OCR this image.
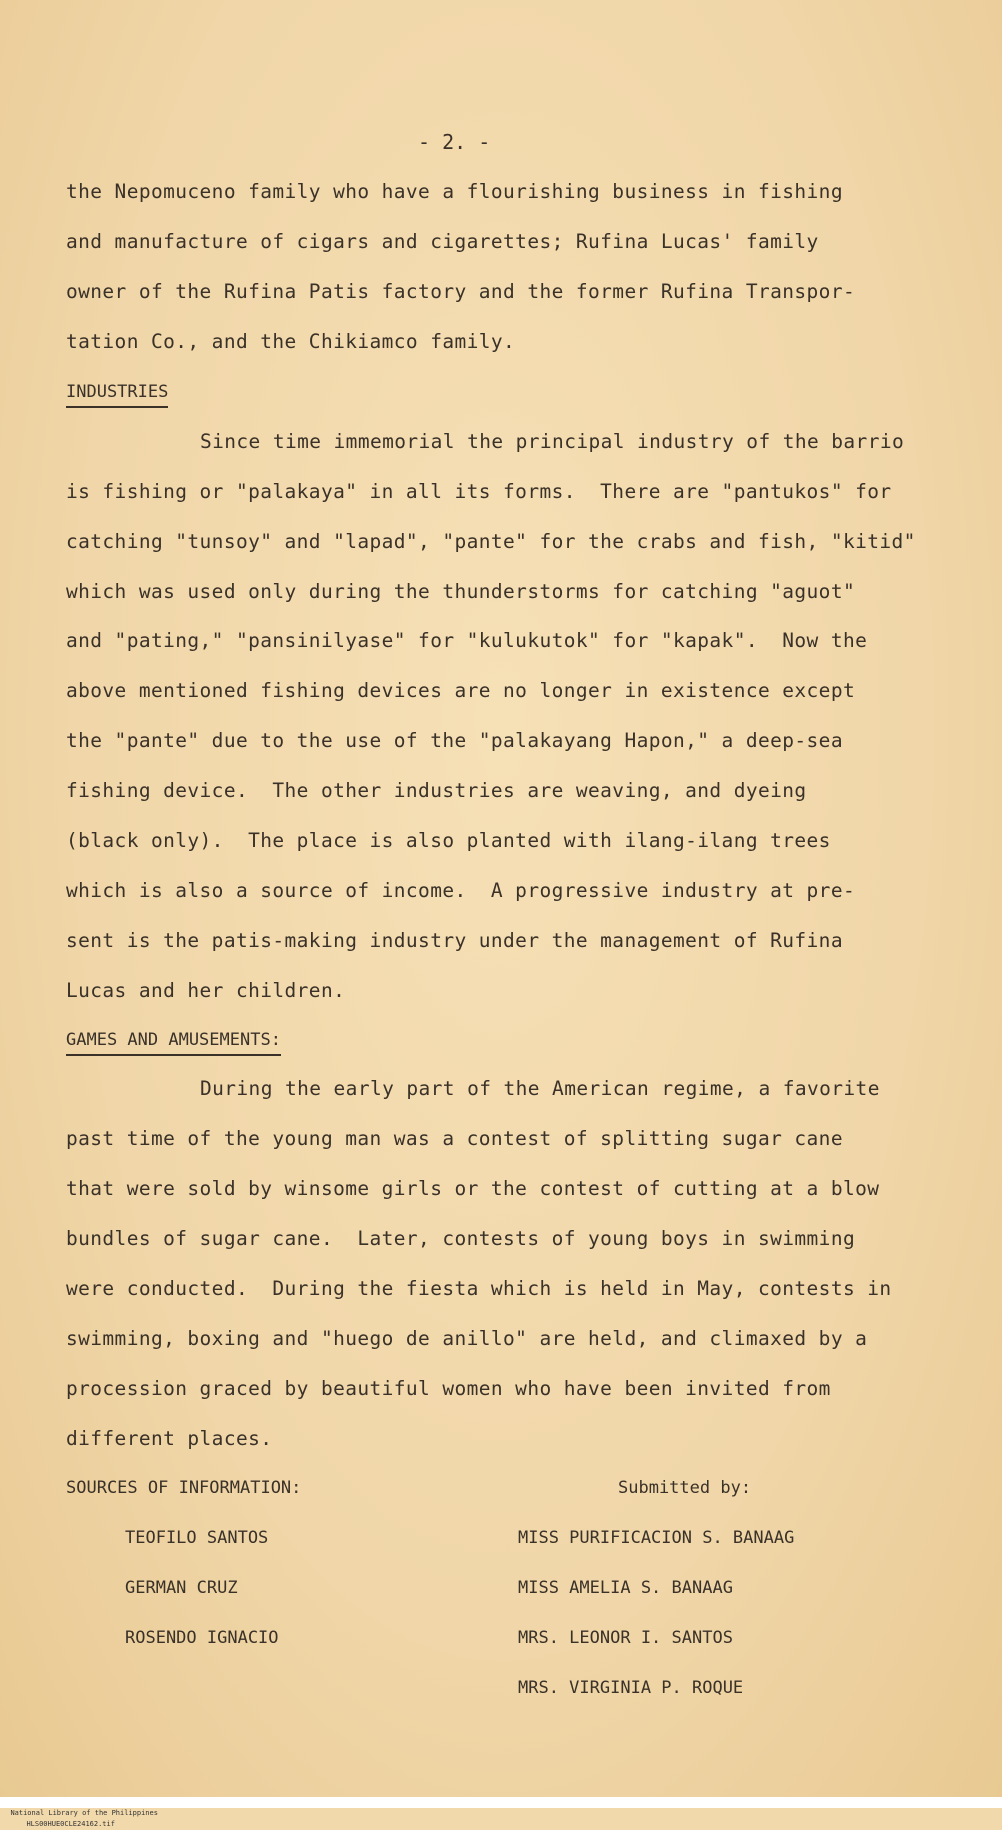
- 2. -
the Nepomuceno family who have a flourishing business in fishing
and manufacture of cigars and cigarettes; Rufina Lucas' family
owner of the Rufina Patis factory and the former Rufina Transpor-
tation Co., and the Chikiamco family.
INDUSTRIES
Since time immemorial the principal industry of the barrio
is fishing or "palakaya" in all its forms.  There are "pantukos" for
catching "tunsoy" and "lapad", "pante" for the crabs and fish, "kitid"
which was used only during the thunderstorms for catching "aguot"
and "pating," "pansinilyase" for "kulukutok" for "kapak".  Now the
above mentioned fishing devices are no longer in existence except
the "pante" due to the use of the "palakayang Hapon," a deep-sea
fishing device.  The other industries are weaving, and dyeing
(black only).  The place is also planted with ilang-ilang trees
which is also a source of income.  A progressive industry at pre-
sent is the patis-making industry under the management of Rufina
Lucas and her children.
GAMES AND AMUSEMENTS:
During the early part of the American regime, a favorite
past time of the young man was a contest of splitting sugar cane
that were sold by winsome girls or the contest of cutting at a blow
bundles of sugar cane.  Later, contests of young boys in swimming
were conducted.  During the fiesta which is held in May, contests in
swimming, boxing and "huego de anillo" are held, and climaxed by a
procession graced by beautiful women who have been invited from
different places.
SOURCES OF INFORMATION:	Submitted by:
TEOFILO SANTOS
GERMAN CRUZ
ROSENDO IGNACIO
MISS PURIFICACION S. BANAAG
MISS AMELIA S. BANAAG
MRS. LEONOR I. SANTOS
MRS. VIRGINIA P. ROQUE

National Library of the Philippines
HLS00HUE0CLE24162.tif
